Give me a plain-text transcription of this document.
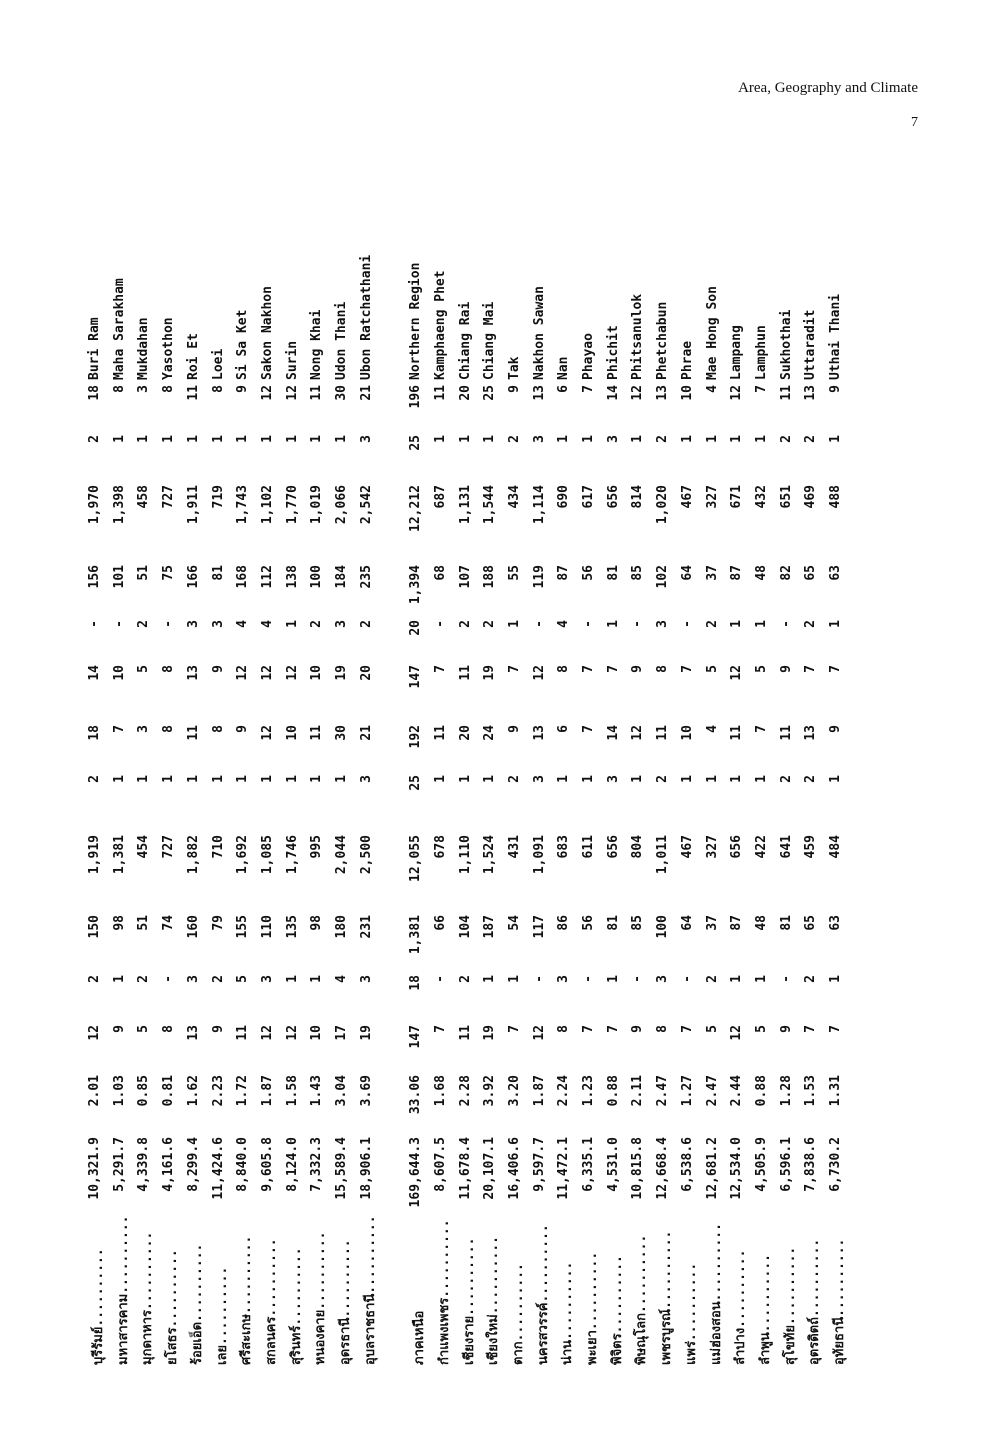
Area, Geography and Climate
7
บุรีรัมย์..........
10,321.9
2.01
12
2
150
1,919
2
18
14
-
156
1,970
2
18
Buri Ram
มหาสารคาม..........
5,291.7
1.03
9
1
98
1,381
1
7
10
-
101
1,398
1
8
Maha Sarakham
มุกดาหาร..........
4,339.8
0.85
5
2
51
454
1
3
5
2
51
458
1
3
Mukdahan
ยโสธร..........
4,161.6
0.81
8
-
74
727
1
8
8
-
75
727
1
8
Yasothon
ร้อยเอ็ด..........
8,299.4
1.62
13
3
160
1,882
1
11
13
3
166
1,911
1
11
Roi Et
เลย..........
11,424.6
2.23
9
2
79
710
1
8
9
3
81
719
1
8
Loei
ศรีสะเกษ..........
8,840.0
1.72
11
5
155
1,692
1
9
12
4
168
1,743
1
9
Si Sa Ket
สกลนคร..........
9,605.8
1.87
12
3
110
1,085
1
12
12
4
112
1,102
1
12
Sakon Nakhon
สุรินทร์..........
8,124.0
1.58
12
1
135
1,746
1
10
12
1
138
1,770
1
12
Surin
หนองคาย..........
7,332.3
1.43
10
1
98
995
1
11
10
2
100
1,019
1
11
Nong Khai
อุดรธานี..........
15,589.4
3.04
17
4
180
2,044
1
30
19
3
184
2,066
1
30
Udon Thani
อุบลราชธานี..........
18,906.1
3.69
19
3
231
2,500
3
21
20
2
235
2,542
3
21
Ubon Ratchathani
ภาคเหนือ
169,644.3
33.06
147
18
1,381
12,055
25
192
147
20
1,394
12,212
25
196
Northern Region
กำแพงเพชร..........
8,607.5
1.68
7
-
66
678
1
11
7
-
68
687
1
11
Kamphaeng Phet
เชียงราย..........
11,678.4
2.28
11
2
104
1,110
1
20
11
2
107
1,131
1
20
Chiang Rai
เชียงใหม่..........
20,107.1
3.92
19
1
187
1,524
1
24
19
2
188
1,544
1
25
Chiang Mai
ตาก..........
16,406.6
3.20
7
1
54
431
2
9
7
1
55
434
2
9
Tak
นครสวรรค์..........
9,597.7
1.87
12
-
117
1,091
3
13
12
-
119
1,114
3
13
Nakhon Sawan
น่าน..........
11,472.1
2.24
8
3
86
683
1
6
8
4
87
690
1
6
Nan
พะเยา..........
6,335.1
1.23
7
-
56
611
1
7
7
-
56
617
1
7
Phayao
พิจิตร..........
4,531.0
0.88
7
1
81
656
3
14
7
1
81
656
3
14
Phichit
พิษณุโลก..........
10,815.8
2.11
9
-
85
804
1
12
9
-
85
814
1
12
Phitsanulok
เพชรบูรณ์..........
12,668.4
2.47
8
3
100
1,011
2
11
8
3
102
1,020
2
13
Phetchabun
แพร่..........
6,538.6
1.27
7
-
64
467
1
10
7
-
64
467
1
10
Phrae
แม่ฮ่องสอน..........
12,681.2
2.47
5
2
37
327
1
4
5
2
37
327
1
4
Mae Hong Son
ลำปาง..........
12,534.0
2.44
12
1
87
656
1
11
12
1
87
671
1
12
Lampang
ลำพูน..........
4,505.9
0.88
5
1
48
422
1
7
5
1
48
432
1
7
Lamphun
สุโขทัย..........
6,596.1
1.28
9
-
81
641
2
11
9
-
82
651
2
11
Sukhothai
อุตรดิตถ์..........
7,838.6
1.53
7
2
65
459
2
13
7
2
65
469
2
13
Uttaradit
อุทัยธานี..........
6,730.2
1.31
7
1
63
484
1
9
7
1
63
488
1
9
Uthai Thani
